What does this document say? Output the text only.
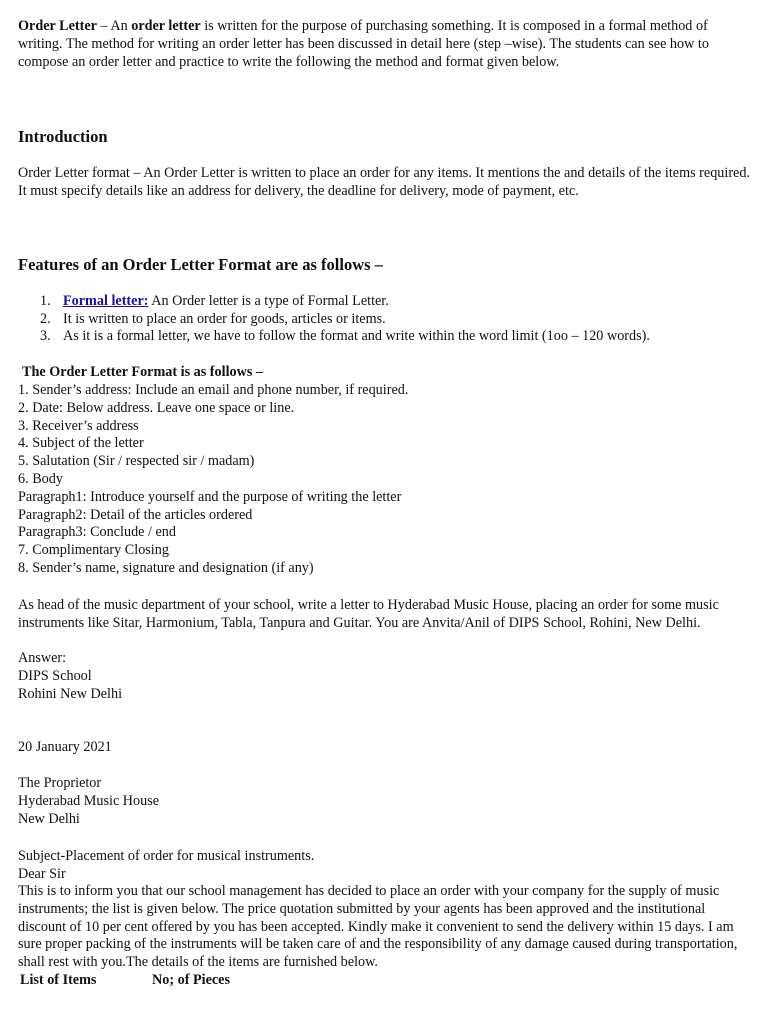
Order Letter – An order letter is written for the purpose of purchasing something. It is composed in a formal method of writing. The method for writing an order letter has been discussed in detail here (step –wise). The students can see how to compose an order letter and practice to write the following the method and format given below.
Introduction
Order Letter format – An Order Letter is written to place an order for any items. It mentions the and details of the items required. It must specify details like an address for delivery, the deadline for delivery, mode of payment, etc.
Features of an Order Letter Format are as follows –
1. Formal letter: An Order letter is a type of Formal Letter.
2. It is written to place an order for goods, articles or items.
3. As it is a formal letter, we have to follow the format and write within the word limit (1oo – 120 words).
The Order Letter Format is as follows –
1. Sender’s address: Include an email and phone number, if required.
2. Date: Below address. Leave one space or line.
3. Receiver’s address
4. Subject of the letter
5. Salutation (Sir / respected sir / madam)
6. Body
Paragraph1: Introduce yourself and the purpose of writing the letter
Paragraph2: Detail of the articles ordered
Paragraph3: Conclude / end
7. Complimentary Closing
8. Sender’s name, signature and designation (if any)
As head of the music department of your school, write a letter to Hyderabad Music House, placing an order for some music instruments like Sitar, Harmonium, Tabla, Tanpura and Guitar. You are Anvita/Anil of DIPS School, Rohini, New Delhi.
Answer:
DIPS School
Rohini New Delhi
20 January 2021
The Proprietor
Hyderabad Music House
New Delhi
Subject-Placement of order for musical instruments.
Dear Sir
This is to inform you that our school management has decided to place an order with your company for the supply of music instruments; the list is given below. The price quotation submitted by your agents has been approved and the institutional discount of 10 per cent offered by you has been accepted. Kindly make it convenient to send the delivery within 15 days. I am sure proper packing of the instruments will be taken care of and the responsibility of any damage caused during transportation, shall rest with you.The details of the items are furnished below.
List of Items	No; of Pieces
